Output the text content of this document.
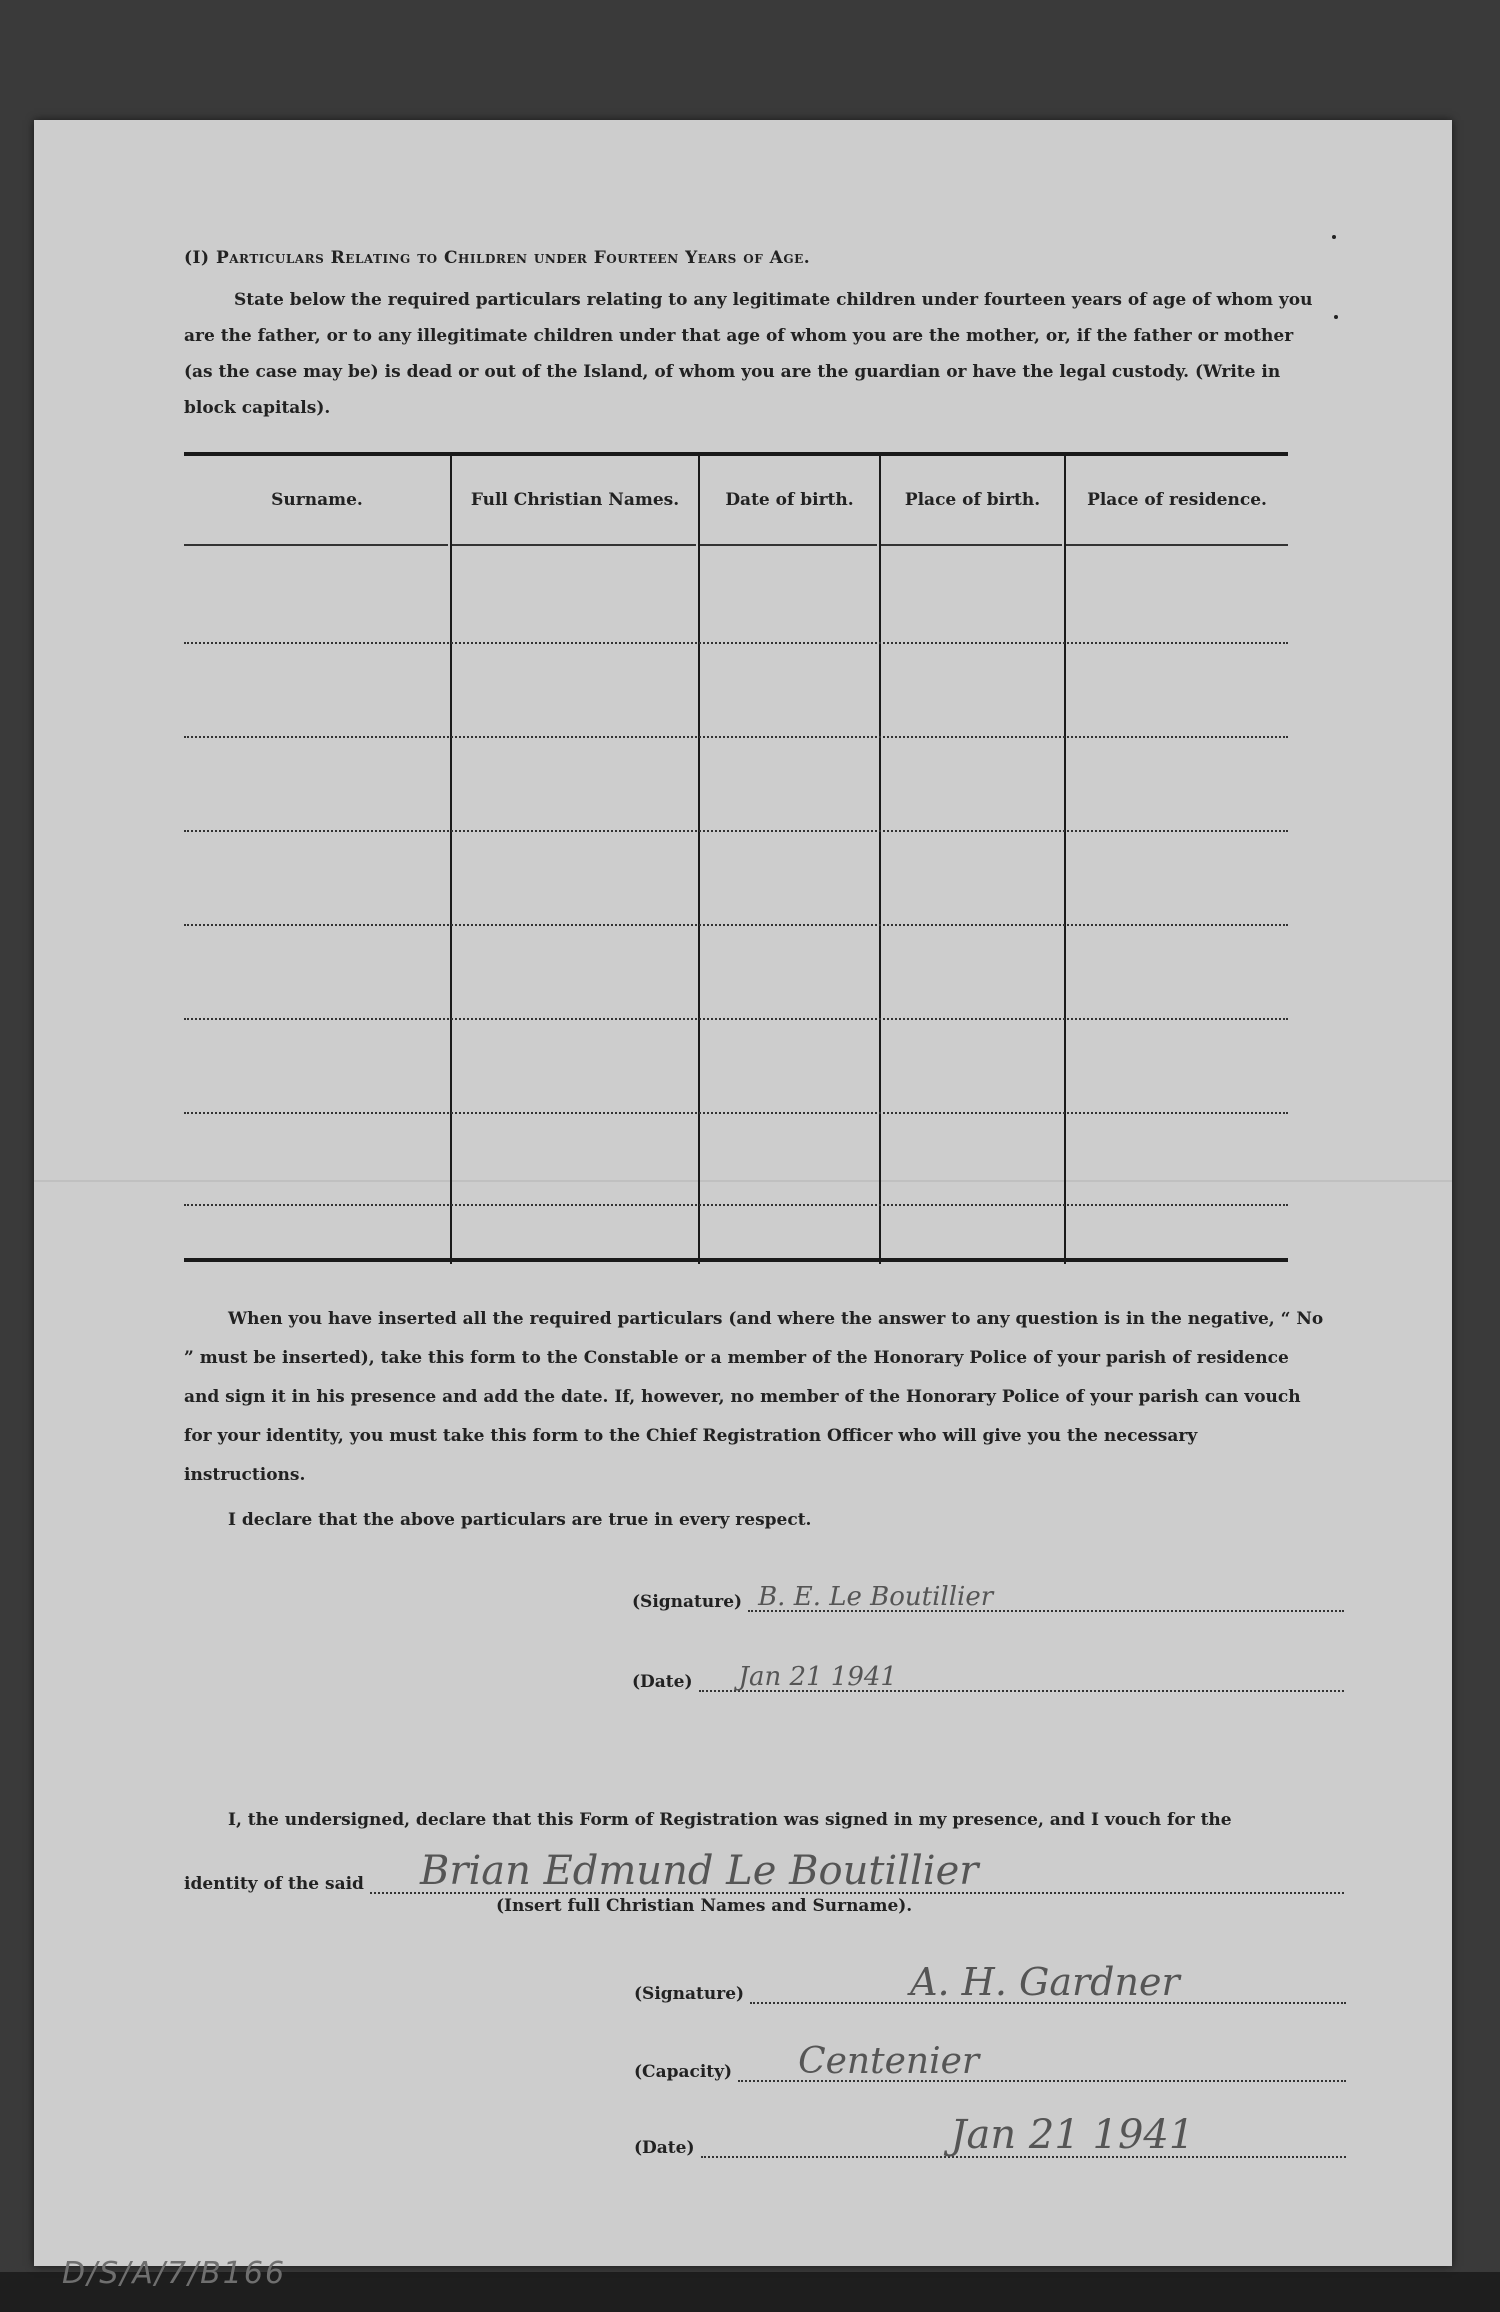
(I) Particulars Relating to Children under Fourteen Years of Age.
State below the required particulars relating to any legitimate children under fourteen years of age of whom you are the father, or to any illegitimate children under that age of whom you are the mother, or, if the father or mother (as the case may be) is dead or out of the Island, of whom you are the guardian or have the legal custody. (Write in block capitals).
Surname.	Full Christian Names.	Date of birth.	Place of birth.	Place of residence.
When you have inserted all the required particulars (and where the answer to any question is in the negative, “ No ” must be inserted), take this form to the Constable or a member of the Honorary Police of your parish of residence and sign it in his presence and add the date. If, however, no member of the Honorary Police of your parish can vouch for your identity, you must take this form to the Chief Registration Officer who will give you the necessary instructions.
I declare that the above particulars are true in every respect.
(Signature) B. E. Le Boutillier
(Date) Jan 21 1941
I, the undersigned, declare that this Form of Registration was signed in my presence, and I vouch for the
identity of the said Brian Edmund Le Boutillier
(Insert full Christian Names and Surname).
(Signature)	A. H. Gardner
(Capacity) Centenier
(Date)	Jan 21 1941
D/S/A/7/B166
